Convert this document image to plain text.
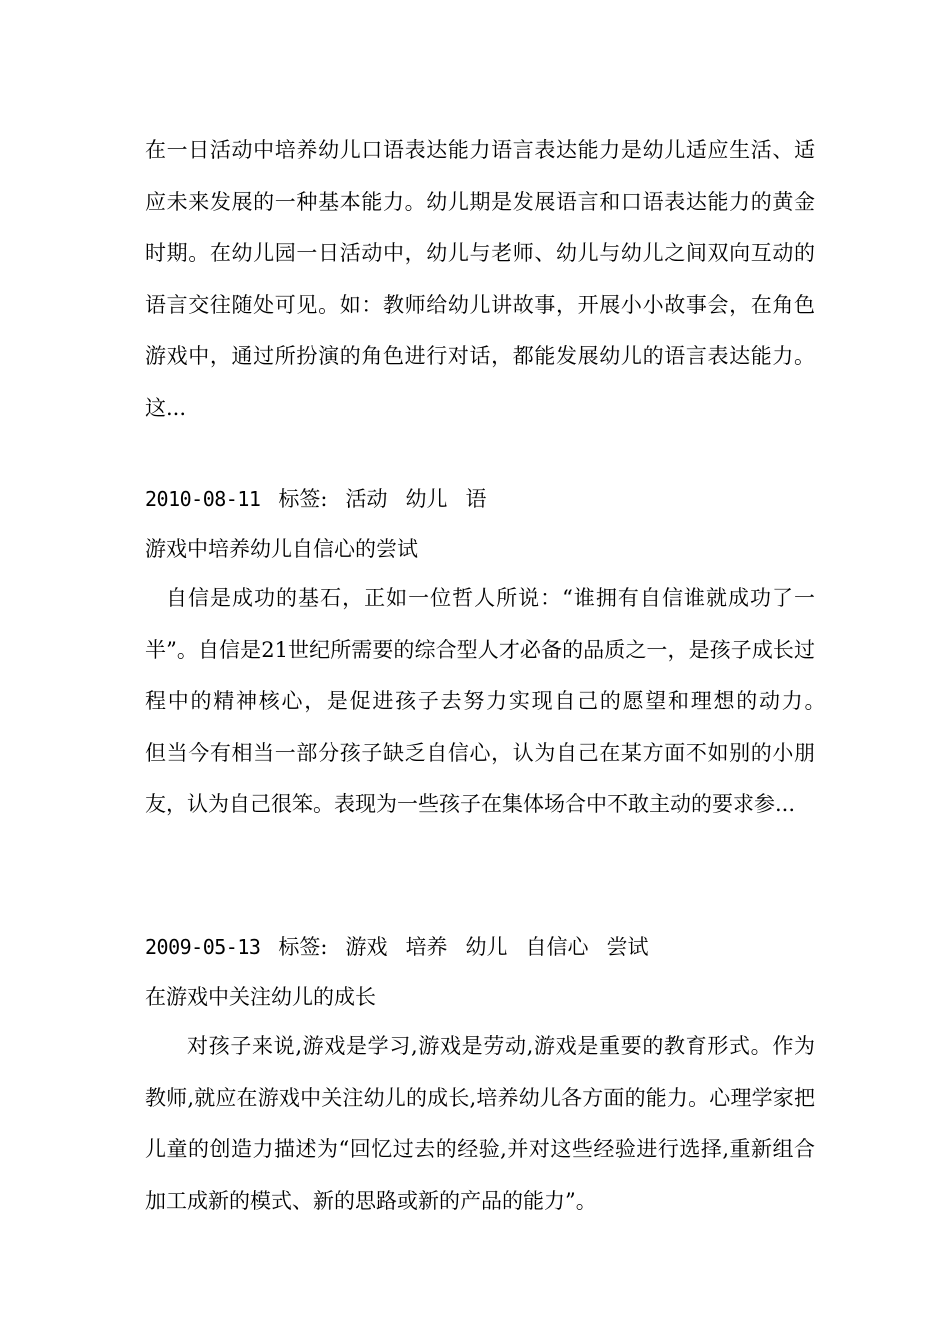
在一日活动中培养幼儿口语表达能力语言表达能力是幼儿适应生活、适应未来发展的一种基本能力。幼儿期是发展语言和口语表达能力的黄金时期。在幼儿园一日活动中，幼儿与老师、幼儿与幼儿之间双向互动的语言交往随处可见。如：教师给幼儿讲故事，开展小小故事会，在角色游戏中，通过所扮演的角色进行对话，都能发展幼儿的语言表达能力。这...

2010-08-11 标签: 活动 幼儿 语
游戏中培养幼儿自信心的尝试

自信是成功的基石，正如一位哲人所说：“谁拥有自信谁就成功了一半”。自信是21世纪所需要的综合型人才必备的品质之一，是孩子成长过程中的精神核心，是促进孩子去努力实现自己的愿望和理想的动力。　　但当今有相当一部分孩子缺乏自信心，认为自己在某方面不如别的小朋友，认为自己很笨。表现为一些孩子在集体场合中不敢主动的要求参...

2009-05-13 标签: 游戏 培养 幼儿 自信心 尝试
在游戏中关注幼儿的成长

对孩子来说,游戏是学习,游戏是劳动,游戏是重要的教育形式。作为教师,就应在游戏中关注幼儿的成长,培养幼儿各方面的能力。心理学家把儿童的创造力描述为“回忆过去的经验,并对这些经验进行选择,重新组合加工成新的模式、新的思路或新的产品的能力”。
